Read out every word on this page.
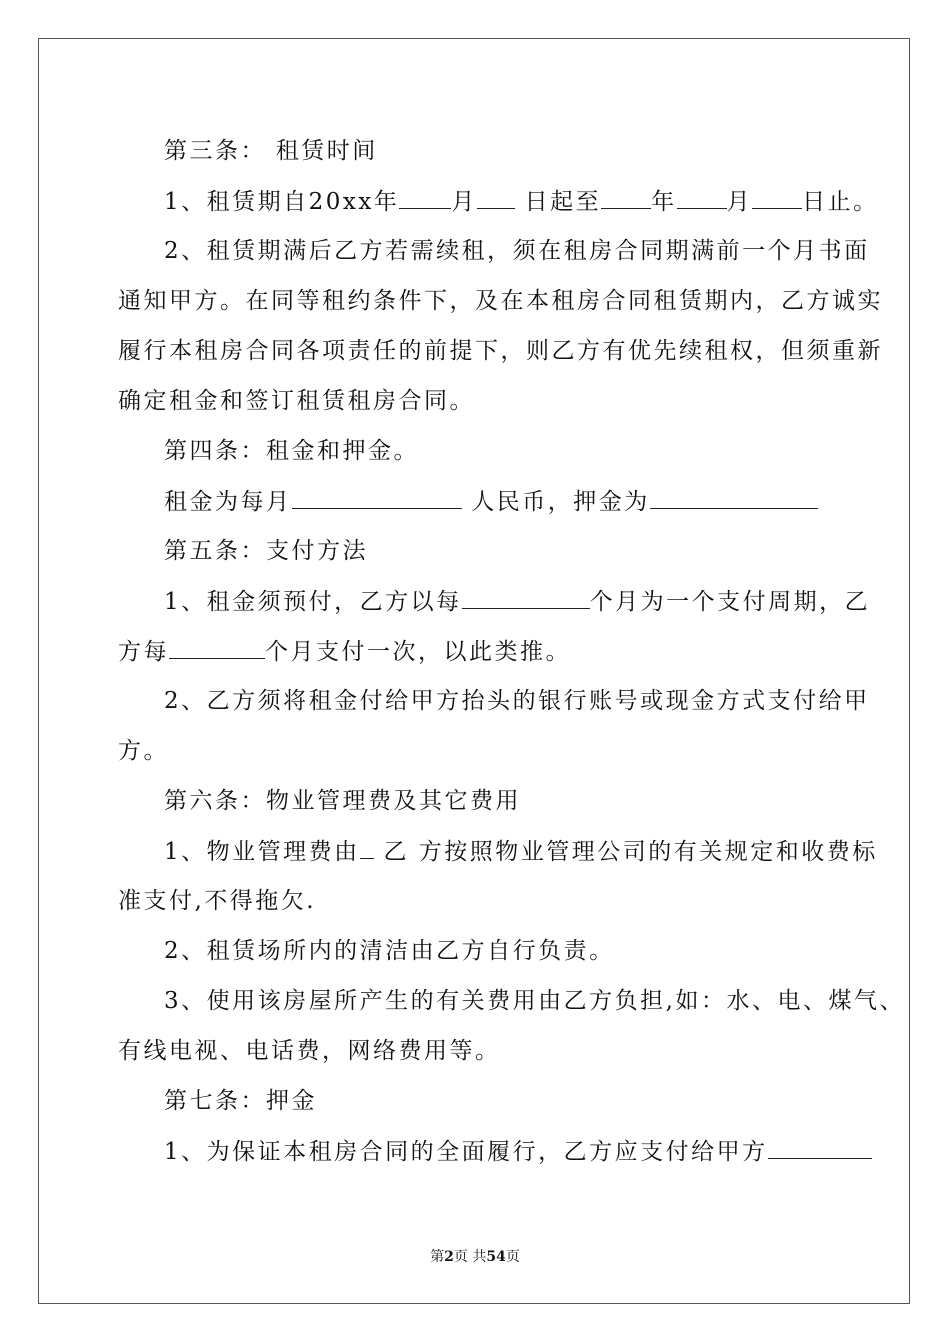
第三条： 租赁时间
1、租赁期自20xx年 月 日起至 年 月 日止。
2、租赁期满后乙方若需续租，须在租房合同期满前一个月书面
通知甲方。在同等租约条件下，及在本租房合同租赁期内，乙方诚实
履行本租房合同各项责任的前提下，则乙方有优先续租权，但须重新
确定租金和签订租赁租房合同。
第四条：租金和押金。
租金为每月	人民币，押金为
第五条：支付方法
1、租金须预付，乙方以每	个月为一个支付周期，乙
方每	个月支付一次，以此类推。
2、乙方须将租金付给甲方抬头的银行账号或现金方式支付给甲
方。
第六条：物业管理费及其它费用
1、物业管理费由 乙 方按照物业管理公司的有关规定和收费标
准支付,不得拖欠.
2、租赁场所内的清洁由乙方自行负责。
3、使用该房屋所产生的有关费用由乙方负担,如：水、电、煤气、
有线电视、电话费，网络费用等。
第七条：押金
1、为保证本租房合同的全面履行，乙方应支付给甲方
第2页 共54页
